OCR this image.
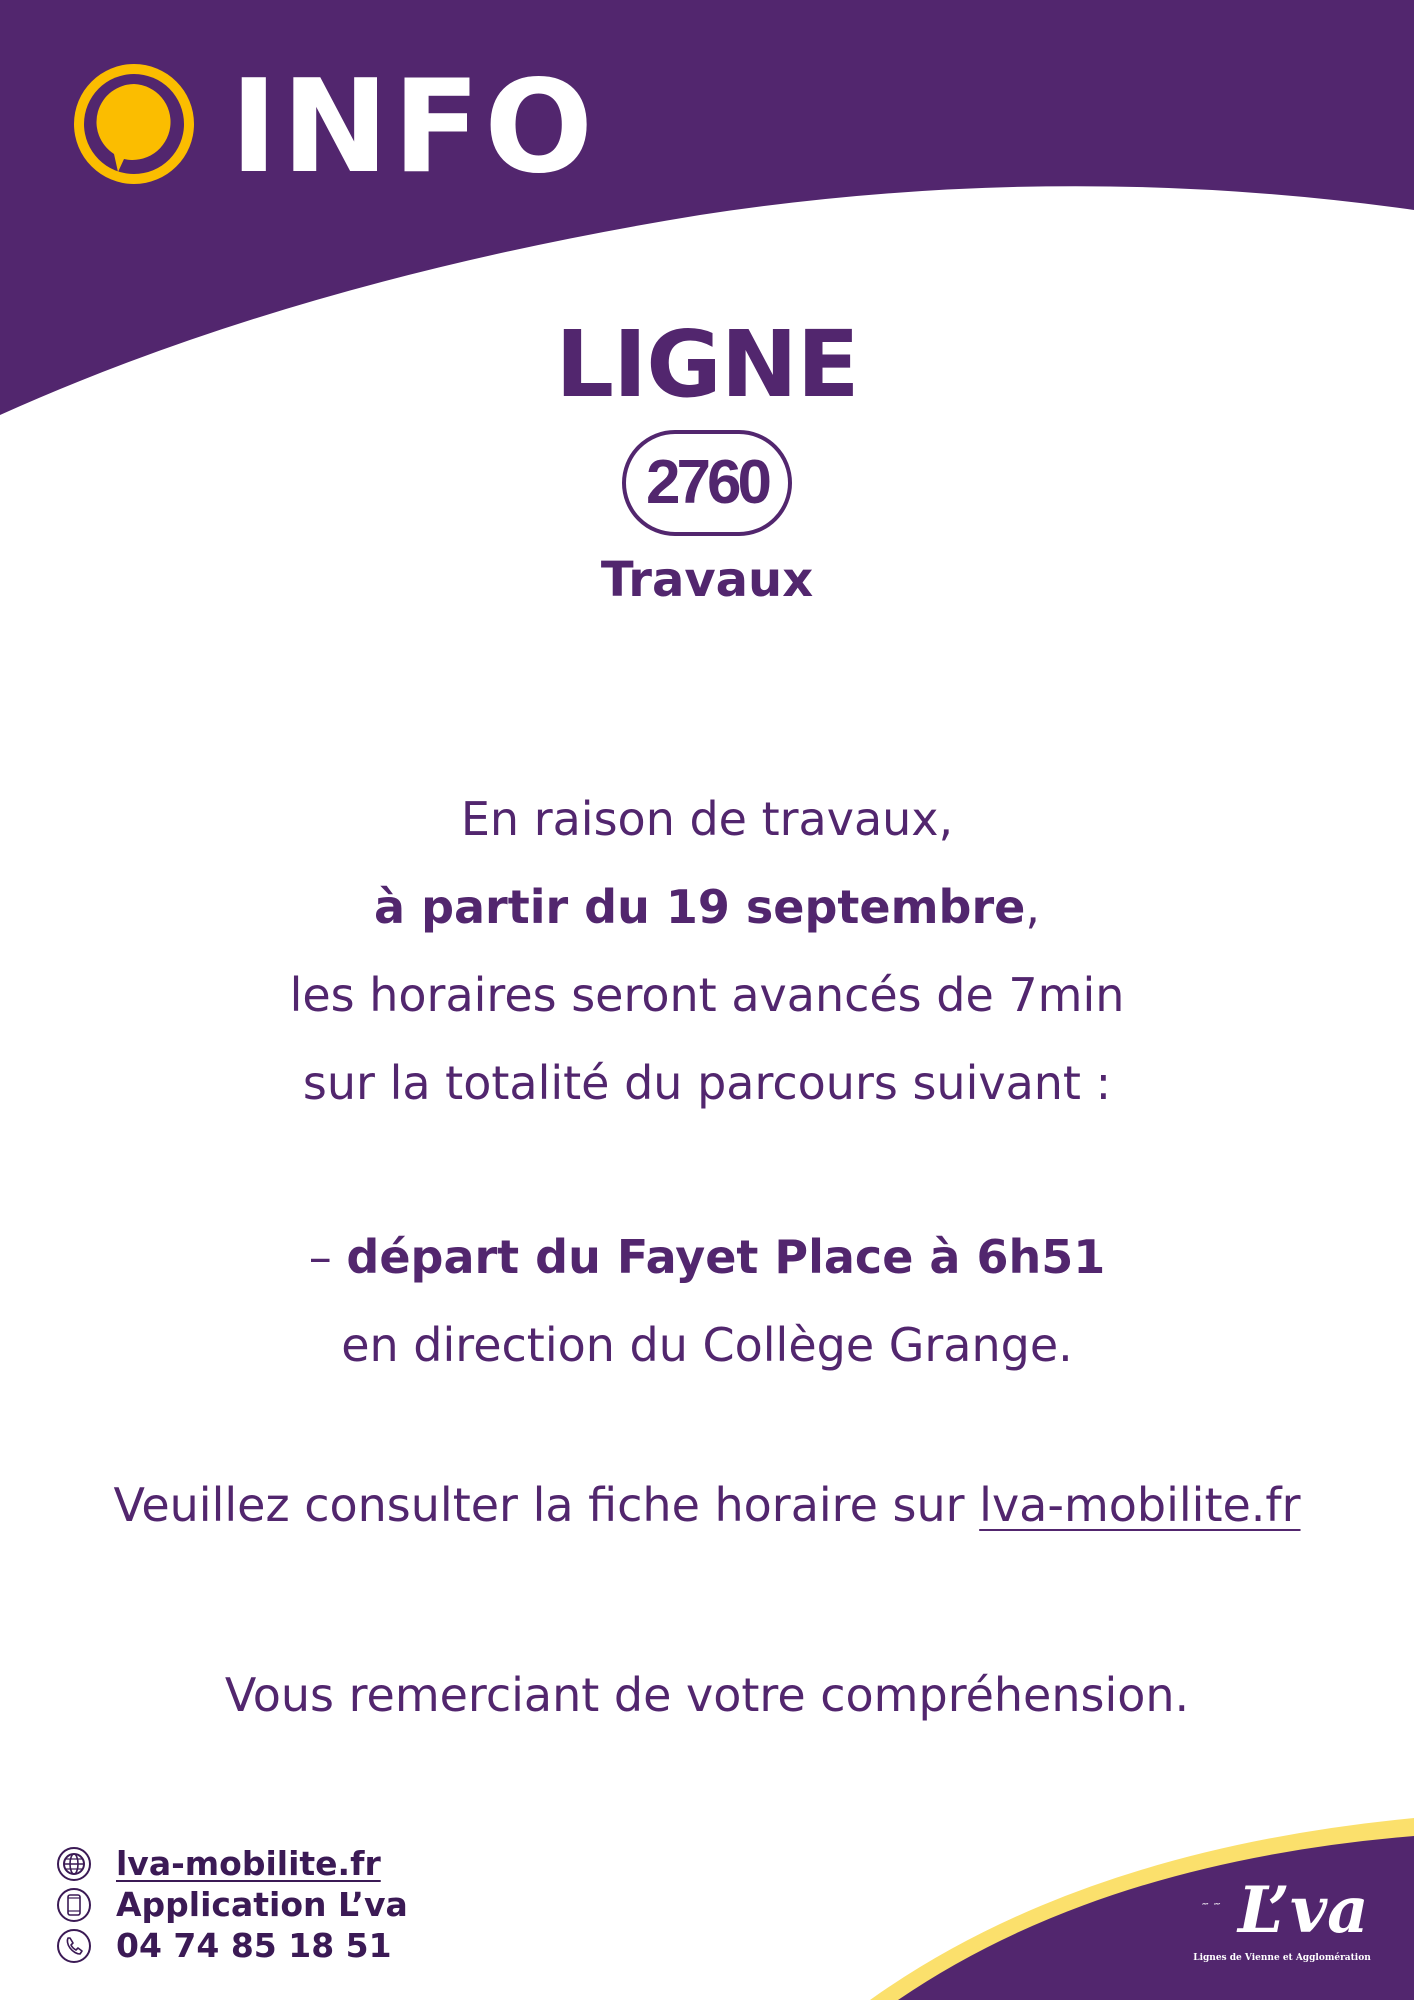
INFO
LIGNE
2760
Travaux
En raison de travaux,
à partir du 19 septembre,
les horaires seront avancés de 7min
sur la totalité du parcours suivant :
– départ du Fayet Place à 6h51
en direction du Collège Grange.
Veuillez consulter la fiche horaire sur lva-mobilite.fr
Vous remerciant de votre compréhension.
lva-mobilite.fr
Application L’va
04 74 85 18 51
⁗ ⁗ L’va
Lignes de Vienne et Agglomération
